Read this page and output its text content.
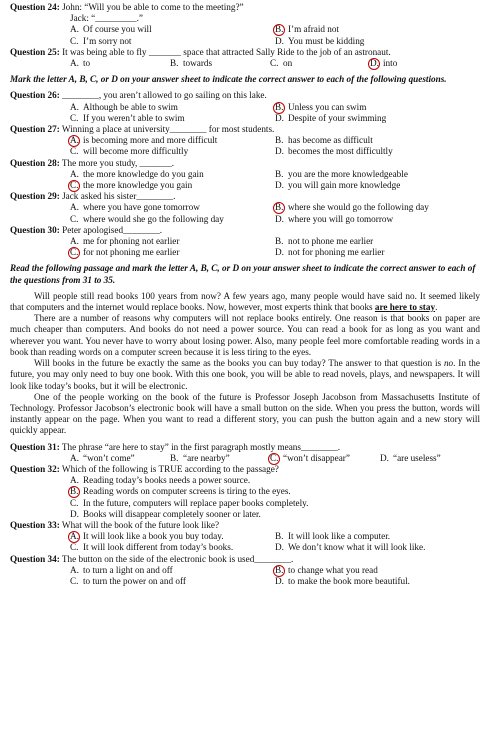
Question 24: John: “Will you be able to come to the meeting?”
Jack: “_________.”
A. Of course you will	B. I’m afraid not
C. I’m sorry not	D. You must be kidding
Question 25: It was being able to fly _______ space that attracted Sally Ride to the job of an astronaut.
A. to	B. towards	C. on	D. into
Mark the letter A, B, C, or D on your answer sheet to indicate the correct answer to each of the following questions.
Question 26: ________, you aren’t allowed to go sailing on this lake.
A. Although be able to swim	B. Unless you can swim
C. If you weren’t able to swim	D. Despite of your swimming
Question 27: Winning a place at university________ for most students.
A. is becoming more and more difficult	B. has become as difficult
C. will become more difficultly	D. becomes the most difficultly
Question 28: The more you study, _______.
A. the more knowledge do you gain	B. you are the more knowledgeable
C. the more knowledge you gain	D. you will gain more knowledge
Question 29: Jack asked his sister________.
A. where you have gone tomorrow	B. where she would go the following day
C. where would she go the following day	D. where you will go tomorrow
Question 30: Peter apologised________.
A. me for phoning not earlier	B. not to phone me earlier
C. for not phoning me earlier	D. not for phoning me earlier
Read the following passage and mark the letter A, B, C, or D on your answer sheet to indicate the correct answer to each of the questions from 31 to 35.

Will people still read books 100 years from now? A few years ago, many people would have said no. It seemed likely that computers and the internet would replace books. Now, however, most experts think that books are here to stay.

There are a number of reasons why computers will not replace books entirely. One reason is that books on paper are much cheaper than computers. And books do not need a power source. You can read a book for as long as you want and wherever you want. You never have to worry about losing power. Also, many people feel more comfortable reading words in a book than reading words on a computer screen because it is less tiring to the eyes.

Will books in the future be exactly the same as the books you can buy today? The answer to that question is no. In the future, you may only need to buy one book. With this one book, you will be able to read novels, plays, and newspapers. It will look like today’s books, but it will be electronic.

One of the people working on the book of the future is Professor Joseph Jacobson from Massachusetts Institute of Technology. Professor Jacobson’s electronic book will have a small button on the side. When you press the button, words will instantly appear on the page. When you want to read a different story, you can push the button again and a new story will quickly appear.

Question 31: The phrase “are here to stay” in the first paragraph mostly means________.
A. “won’t come”	B. “are nearby”	C. “won’t disappear”	D. “are useless”
Question 32: Which of the following is TRUE according to the passage?
A. Reading today’s books needs a power source.
B. Reading words on computer screens is tiring to the eyes.
C. In the future, computers will replace paper books completely.
D. Books will disappear completely sooner or later.
Question 33: What will the book of the future look like?
A. It will look like a book you buy today.	B. It will look like a computer.
C. It will look different from today’s books.	D. We don’t know what it will look like.
Question 34: The button on the side of the electronic book is used________.
A. to turn a light on and off	B. to change what you read
C. to turn the power on and off	D. to make the book more beautiful.
